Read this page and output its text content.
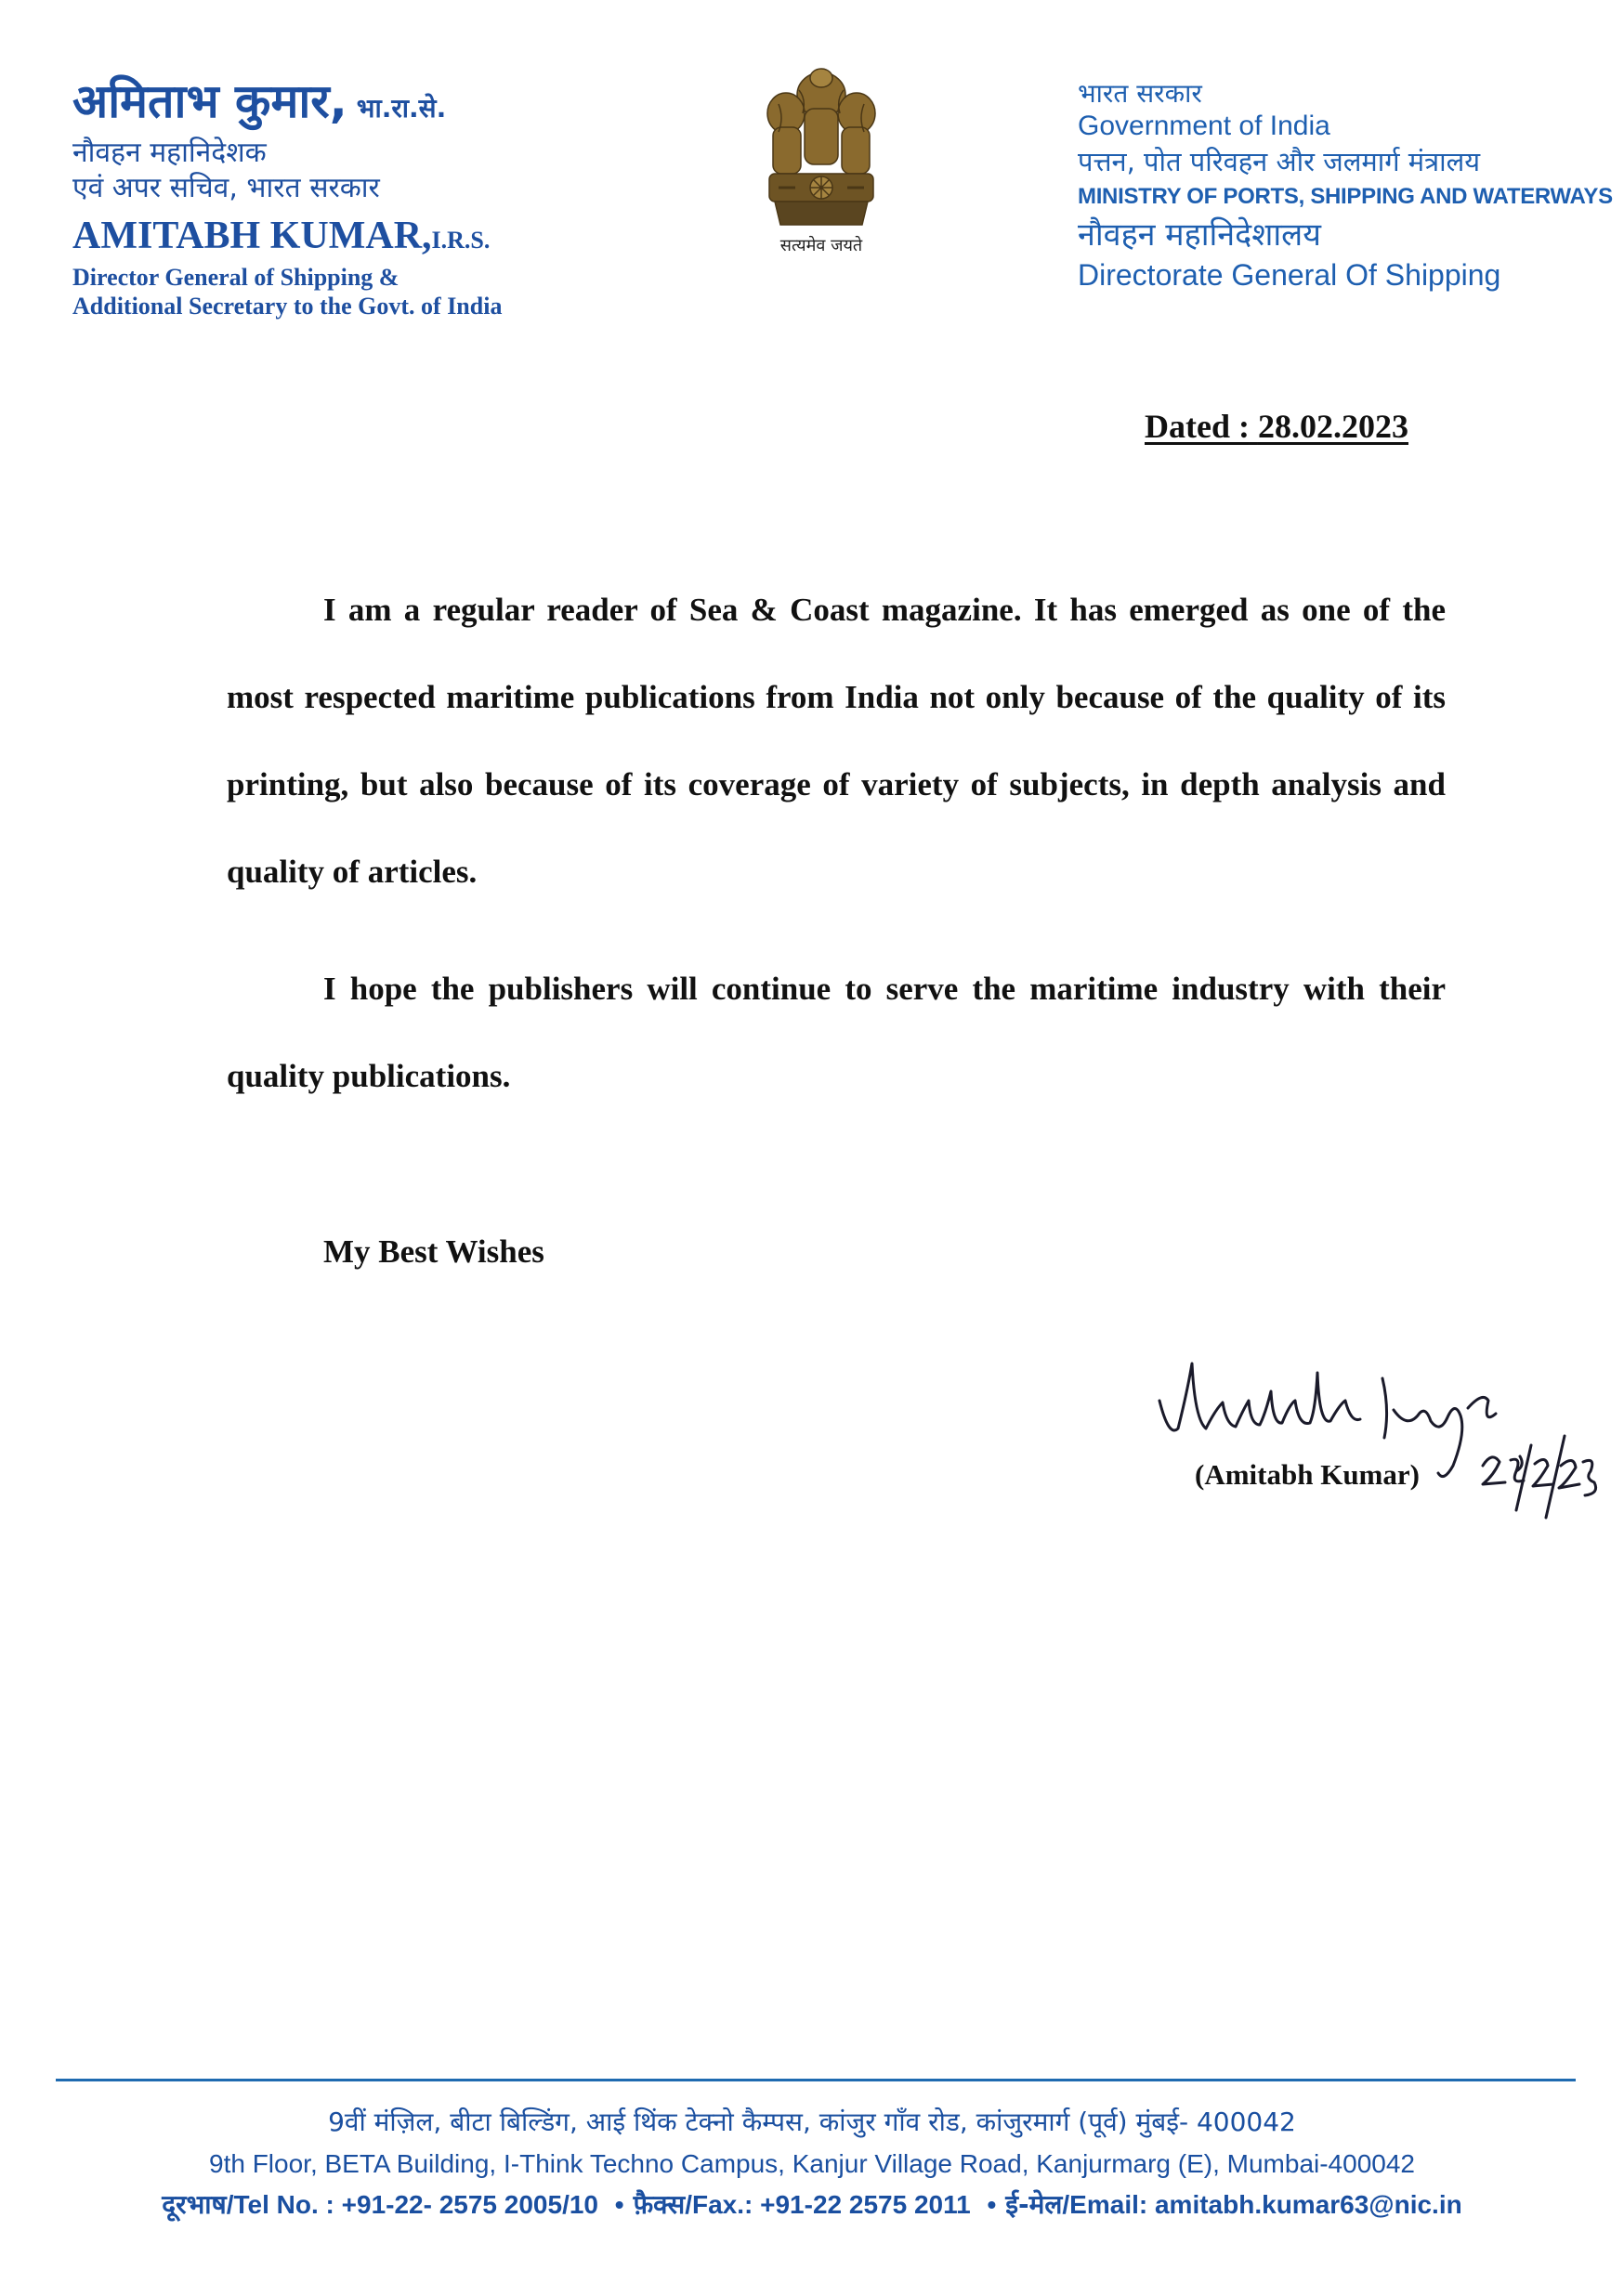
अमिताभ कुमार, भा.रा.से.
नौवहन महानिदेशक
एवं अपर सचिव, भारत सरकार
AMITABH KUMAR,I.R.S.
Director General of Shipping &
Additional Secretary to the Govt. of India
सत्यमेव जयते
भारत सरकार
Government of India
पत्तन, पोत परिवहन और जलमार्ग मंत्रालय
MINISTRY OF PORTS, SHIPPING AND WATERWAYS
नौवहन महानिदेशालय
Directorate General Of Shipping
Dated : 28.02.2023

I am a regular reader of Sea & Coast magazine. It has emerged as one of the most respected maritime publications from India not only because of the quality of its printing, but also because of its coverage of variety of subjects, in depth analysis and quality of articles.

I hope the publishers will continue to serve the maritime industry with their quality publications.

My Best Wishes
(Amitabh Kumar)
9वीं मंज़िल, बीटा बिल्डिंग, आई थिंक टेक्नो कैम्पस, कांजुर गाँव रोड, कांजुरमार्ग (पूर्व) मुंबई- 400042
9th Floor, BETA Building, I-Think Techno Campus, Kanjur Village Road, Kanjurmarg (E), Mumbai-400042
दूरभाष/Tel No. : +91-22- 2575 2005/10 • फ़ैक्स/Fax.: +91-22 2575 2011 • ई-मेल/Email: amitabh.kumar63@nic.in
